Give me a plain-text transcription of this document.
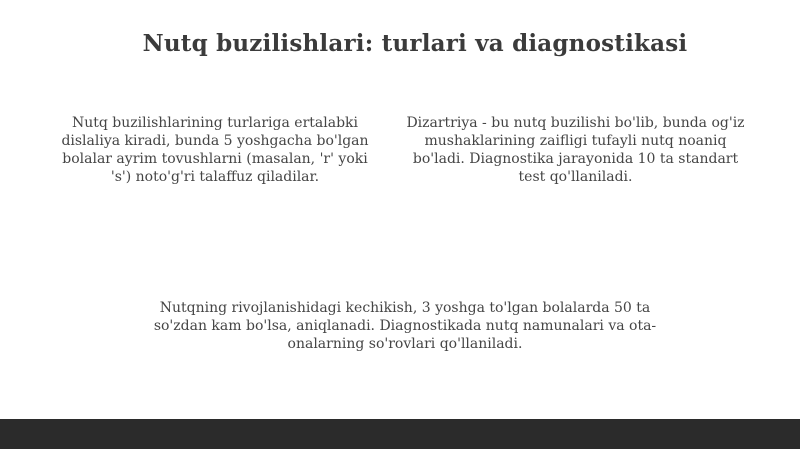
Nutq buzilishlari: turlari va diagnostikasi
Nutq buzilishlarining turlariga ertalabki dislaliya kiradi, bunda 5 yoshgacha bo'lgan bolalar ayrim tovushlarni (masalan, 'r' yoki 's') noto'g'ri talaffuz qiladilar.
Dizartriya - bu nutq buzilishi bo'lib, bunda og'iz mushaklarining zaifligi tufayli nutq noaniq bo'ladi. Diagnostika jarayonida 10 ta standart test qo'llaniladi.
Nutqning rivojlanishidagi kechikish, 3 yoshga to'lgan bolalarda 50 ta so'zdan kam bo'lsa, aniqlanadi. Diagnostikada nutq namunalari va ota-onalarning so'rovlari qo'llaniladi.
